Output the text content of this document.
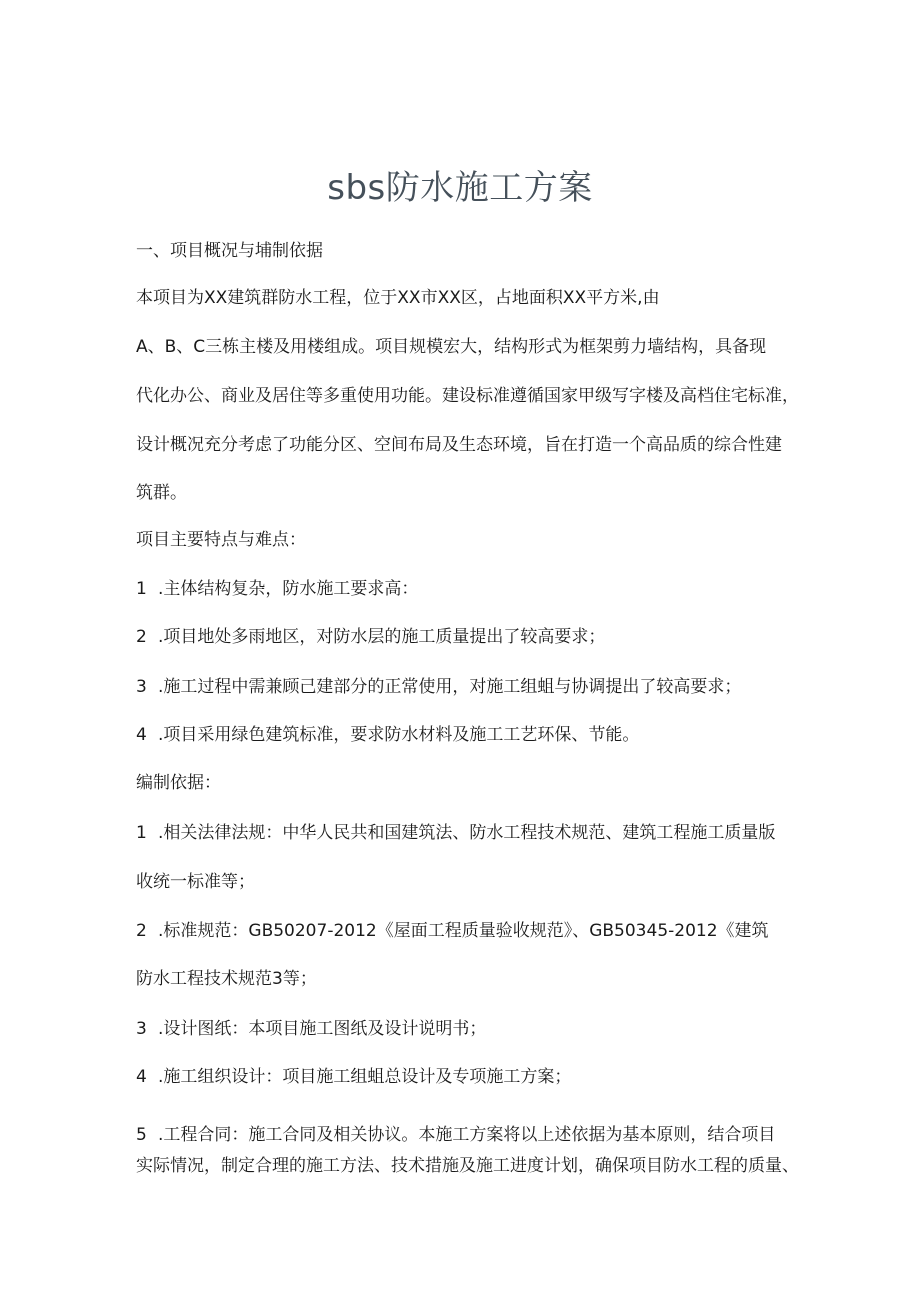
sbs防水施工方案
一、项目概况与埔制依据
本项目为XX建筑群防水工程，位于XX市XX区，占地面积XX平方米,由
A、B、C三栋主楼及用楼组成。项目规模宏大，结构形式为框架剪力墙结构，具备现
代化办公、商业及居住等多重使用功能。建设标准遵循国家甲级写字楼及高档住宅标准，
设计概况充分考虑了功能分区、空间布局及生态环境，旨在打造一个高品质的综合性建
筑群。
项目主要特点与难点：
1 .主体结构复杂，防水施工要求高：
2 .项目地处多雨地区，对防水层的施工质量提出了较高要求；
3 .施工过程中需兼顾己建部分的正常使用，对施工组蛆与协调提出了较高要求；
4 .项目采用绿色建筑标准，要求防水材料及施工工艺环保、节能。
编制依据：
1 .相关法律法规：中华人民共和国建筑法、防水工程技术规范、建筑工程施工质量版
收统一标准等；
2 .标准规范：GB50207-2012《屋面工程质量验收规范》、GB50345-2012《建筑
防水工程技术规范3等；
3 .设计图纸：本项目施工图纸及设计说明书；
4 .施工组织设计：项目施工组蛆总设计及专项施工方案；
5 .工程合同：施工合同及相关协议。本施工方案将以上述依据为基本原则，结合项目
实际情况，制定合理的施工方法、技术措施及施工进度计划，确保项目防水工程的质量、
